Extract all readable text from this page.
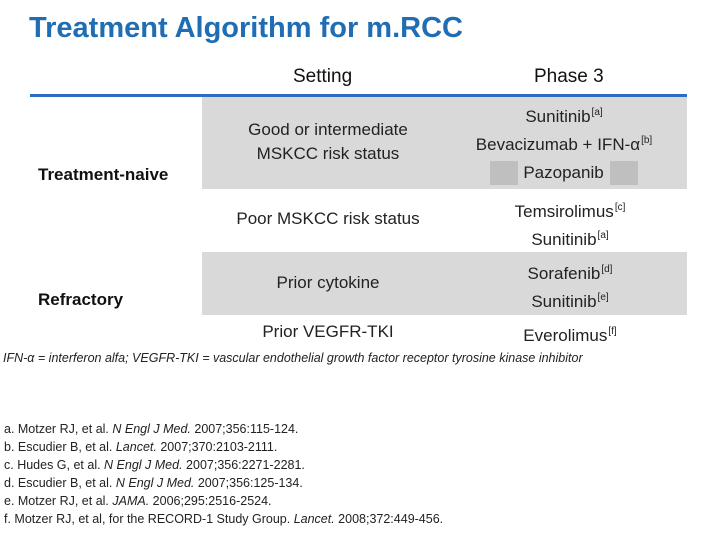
Treatment Algorithm for m.RCC
Setting	Phase 3
Treatment-naive
Refractory
Good or intermediate
MSKCC risk status
Poor MSKCC risk status
Prior cytokine
Prior VEGFR-TKI
Sunitinib[a]
Bevacizumab + IFN-α[b]
Pazopanib
Temsirolimus[c]
Sunitinib[a]
Sorafenib[d]
Sunitinib[e]
Everolimus[f]
IFN-α = interferon alfa; VEGFR-TKI = vascular endothelial growth factor receptor tyrosine kinase inhibitor
a. Motzer RJ, et al. N Engl J Med. 2007;356:115-124.
b. Escudier B, et al. Lancet. 2007;370:2103-2111.
c. Hudes G, et al. N Engl J Med. 2007;356:2271-2281.
d. Escudier B, et al. N Engl J Med. 2007;356:125-134.
e. Motzer RJ, et al. JAMA. 2006;295:2516-2524.
f. Motzer RJ, et al, for the RECORD-1 Study Group. Lancet. 2008;372:449-456.
